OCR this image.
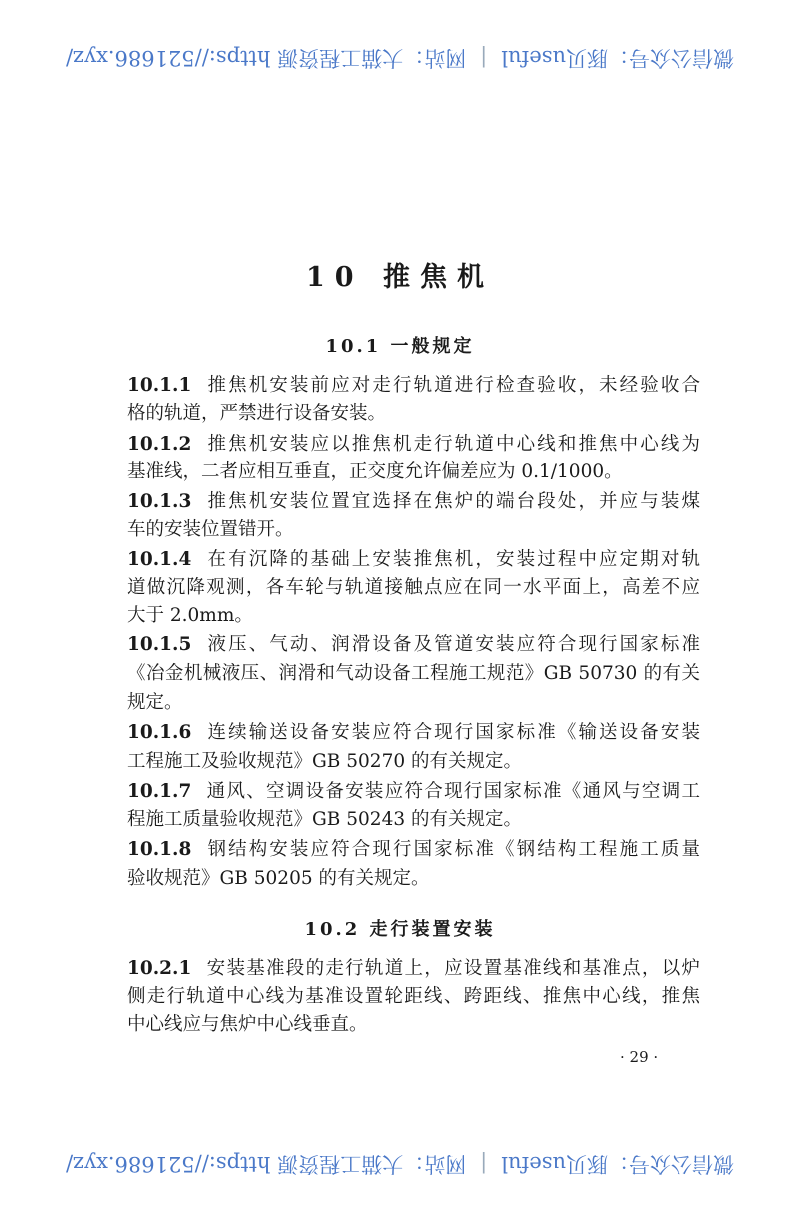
微信公众号：豚贝useful|网站：大猫工程资源 https://521686.xyz/
10 推焦机
10.1 一般规定
10.2 走行装置安装
10.1.1 推焦机安装前应对走行轨道进行检查验收，未经验收合
格的轨道，严禁进行设备安装。
10.1.2 推焦机安装应以推焦机走行轨道中心线和推焦中心线为
基准线，二者应相互垂直，正交度允许偏差应为 0.1/1000。
10.1.3 推焦机安装位置宜选择在焦炉的端台段处，并应与装煤
车的安装位置错开。
10.1.4 在有沉降的基础上安装推焦机，安装过程中应定期对轨
道做沉降观测，各车轮与轨道接触点应在同一水平面上，高差不应
大于 2.0mm。
10.1.5 液压、气动、润滑设备及管道安装应符合现行国家标准
《冶金机械液压、润滑和气动设备工程施工规范》GB 50730 的有关
规定。
10.1.6 连续输送设备安装应符合现行国家标准《输送设备安装
工程施工及验收规范》GB 50270 的有关规定。
10.1.7 通风、空调设备安装应符合现行国家标准《通风与空调工
程施工质量验收规范》GB 50243 的有关规定。
10.1.8 钢结构安装应符合现行国家标准《钢结构工程施工质量
验收规范》GB 50205 的有关规定。
10.2.1 安装基准段的走行轨道上，应设置基准线和基准点，以炉
侧走行轨道中心线为基准设置轮距线、跨距线、推焦中心线，推焦
中心线应与焦炉中心线垂直。
· 29 ·
微信公众号：豚贝useful|网站：大猫工程资源 https://521686.xyz/
